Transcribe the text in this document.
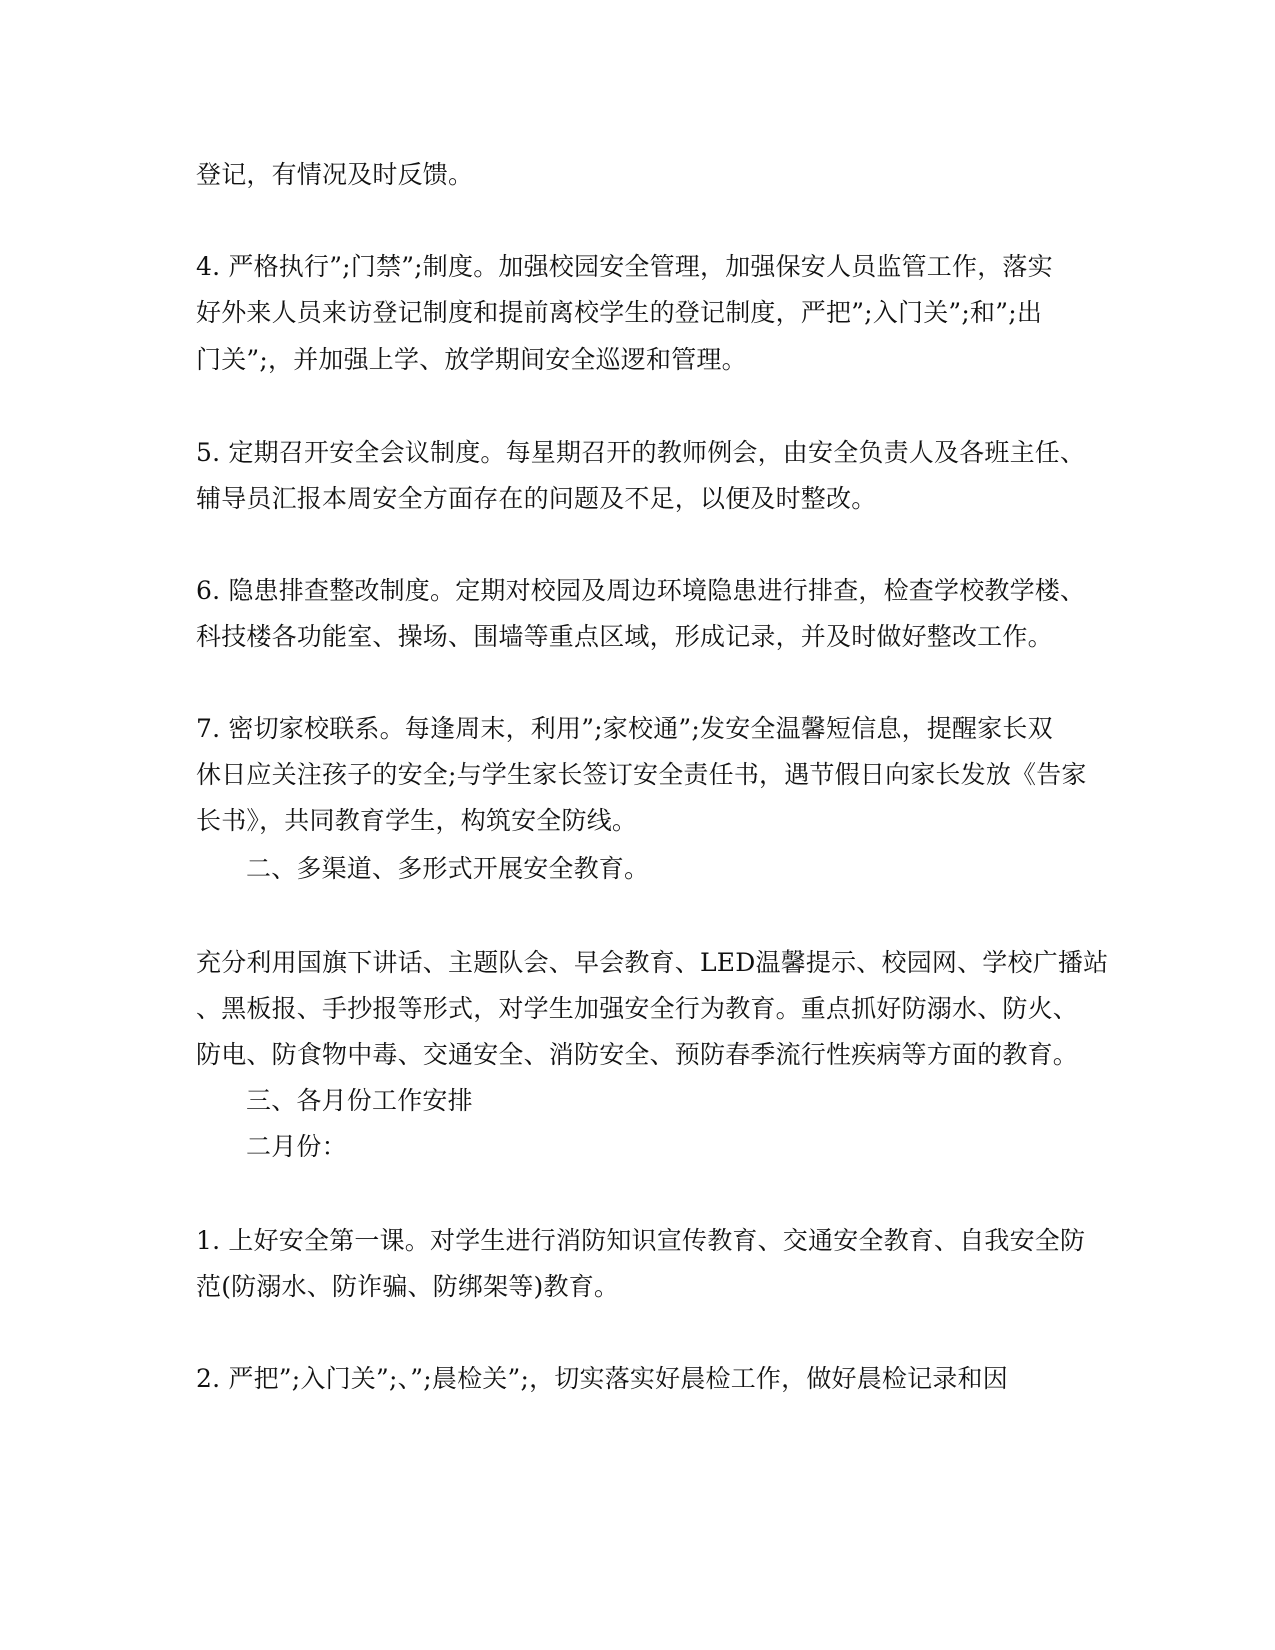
登记，有情况及时反馈。
4. 严格执行”;门禁”;制度。加强校园安全管理，加强保安人员监管工作，落实
好外来人员来访登记制度和提前离校学生的登记制度，严把”;入门关”;和”;出
门关”;，并加强上学、放学期间安全巡逻和管理。
5. 定期召开安全会议制度。每星期召开的教师例会，由安全负责人及各班主任、
辅导员汇报本周安全方面存在的问题及不足，以便及时整改。
6. 隐患排查整改制度。定期对校园及周边环境隐患进行排查，检查学校教学楼、
科技楼各功能室、操场、围墙等重点区域，形成记录，并及时做好整改工作。
7. 密切家校联系。每逢周末，利用”;家校通”;发安全温馨短信息，提醒家长双
休日应关注孩子的安全;与学生家长签订安全责任书，遇节假日向家长发放《告家
长书》，共同教育学生，构筑安全防线。
二、多渠道、多形式开展安全教育。
充分利用国旗下讲话、主题队会、早会教育、LED温馨提示、校园网、学校广播站
、黑板报、手抄报等形式，对学生加强安全行为教育。重点抓好防溺水、防火、
防电、防食物中毒、交通安全、消防安全、预防春季流行性疾病等方面的教育。
三、各月份工作安排
二月份：
1. 上好安全第一课。对学生进行消防知识宣传教育、交通安全教育、自我安全防
范(防溺水、防诈骗、防绑架等)教育。
2. 严把”;入门关”;、”;晨检关”;，切实落实好晨检工作，做好晨检记录和因
